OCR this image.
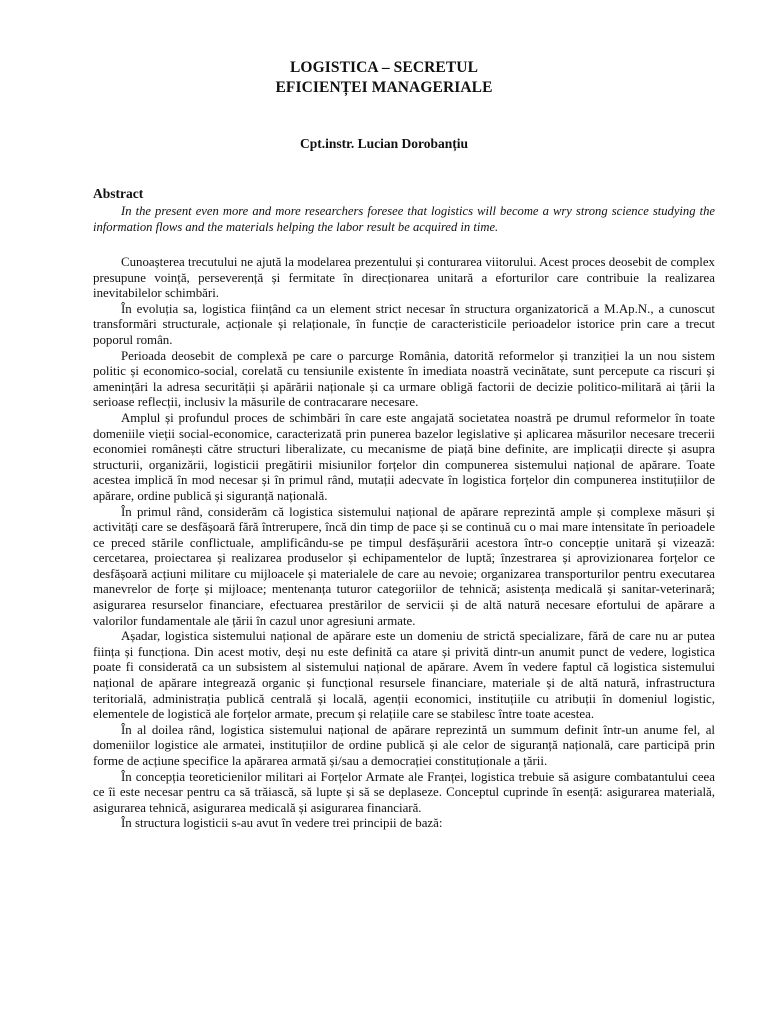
LOGISTICA – SECRETUL
EFICIENȚEI MANAGERIALE
Cpt.instr. Lucian Dorobanțiu
Abstract
In the present even more and more researchers foresee that logistics will become a wry strong science studying the information flows and the materials helping the labor result be acquired in time.

Cunoașterea trecutului ne ajută la modelarea prezentului și conturarea viitorului. Acest proces deosebit de complex presupune voință, perseverență și fermitate în direcționarea unitară a eforturilor care contribuie la realizarea inevitabilelor schimbări.

În evoluția sa, logistica ființând ca un element strict necesar în structura organizatorică a M.Ap.N., a cunoscut transformări structurale, acționale și relaționale, în funcție de caracteristicile perioadelor istorice prin care a trecut poporul român.

Perioada deosebit de complexă pe care o parcurge România, datorită reformelor și tranziției la un nou sistem politic și economico-social, corelată cu tensiunile existente în imediata noastră vecinătate, sunt percepute ca riscuri și amenințări la adresa securității și apărării naționale și ca urmare obligă factorii de decizie politico-militară ai țării la serioase reflecții, inclusiv la măsurile de contracarare necesare.

Amplul și profundul proces de schimbări în care este angajată societatea noastră pe drumul reformelor în toate domeniile vieții social-economice, caracterizată prin punerea bazelor legislative și aplicarea măsurilor necesare trecerii economiei românești către structuri liberalizate, cu mecanisme de piață bine definite, are implicații directe și asupra structurii, organizării, logisticii pregătirii misiunilor forțelor din compunerea sistemului național de apărare. Toate acestea implică în mod necesar și în primul rând, mutații adecvate în logistica forțelor din compunerea instituțiilor de apărare, ordine publică și siguranță națională.

În primul rând, considerăm că logistica sistemului național de apărare reprezintă ample și complexe măsuri și activități care se desfășoară fără întrerupere, încă din timp de pace și se continuă cu o mai mare intensitate în perioadele ce preced stările conflictuale, amplificându-se pe timpul desfășurării acestora într-o concepție unitară și vizează: cercetarea, proiectarea și realizarea produselor și echipamentelor de luptă; înzestrarea și aprovizionarea forțelor ce desfășoară acțiuni militare cu mijloacele și materialele de care au nevoie; organizarea transporturilor pentru executarea manevrelor de forțe și mijloace; mentenanța tuturor categoriilor de tehnică; asistența medicală și sanitar-veterinară; asigurarea resurselor financiare, efectuarea prestărilor de servicii și de altă natură necesare efortului de apărare a valorilor fundamentale ale țării în cazul unor agresiuni armate.

Așadar, logistica sistemului național de apărare este un domeniu de strictă specializare, fără de care nu ar putea ființa și funcționa. Din acest motiv, deși nu este definită ca atare și privită dintr-un anumit punct de vedere, logistica poate fi considerată ca un subsistem al sistemului național de apărare. Avem în vedere faptul că logistica sistemului național de apărare integrează organic și funcțional resursele financiare, materiale și de altă natură, infrastructura teritorială, administrația publică centrală și locală, agenții economici, instituțiile cu atribuții în domeniul logistic, elementele de logistică ale forțelor armate, precum și relațiile care se stabilesc între toate acestea.

În al doilea rând, logistica sistemului național de apărare reprezintă un summum definit într-un anume fel, al domeniilor logistice ale armatei, instituțiilor de ordine publică și ale celor de siguranță națională, care participă prin forme de acțiune specifice la apărarea armată și/sau a democrației constituționale a țării.

În concepția teoreticienilor militari ai Forțelor Armate ale Franței, logistica trebuie să asigure combatantului ceea ce îi este necesar pentru ca să trăiască, să lupte și să se deplaseze. Conceptul cuprinde în esență: asigurarea materială, asigurarea tehnică, asigurarea medicală și asigurarea financiară.

În structura logisticii s-au avut în vedere trei principii de bază:
